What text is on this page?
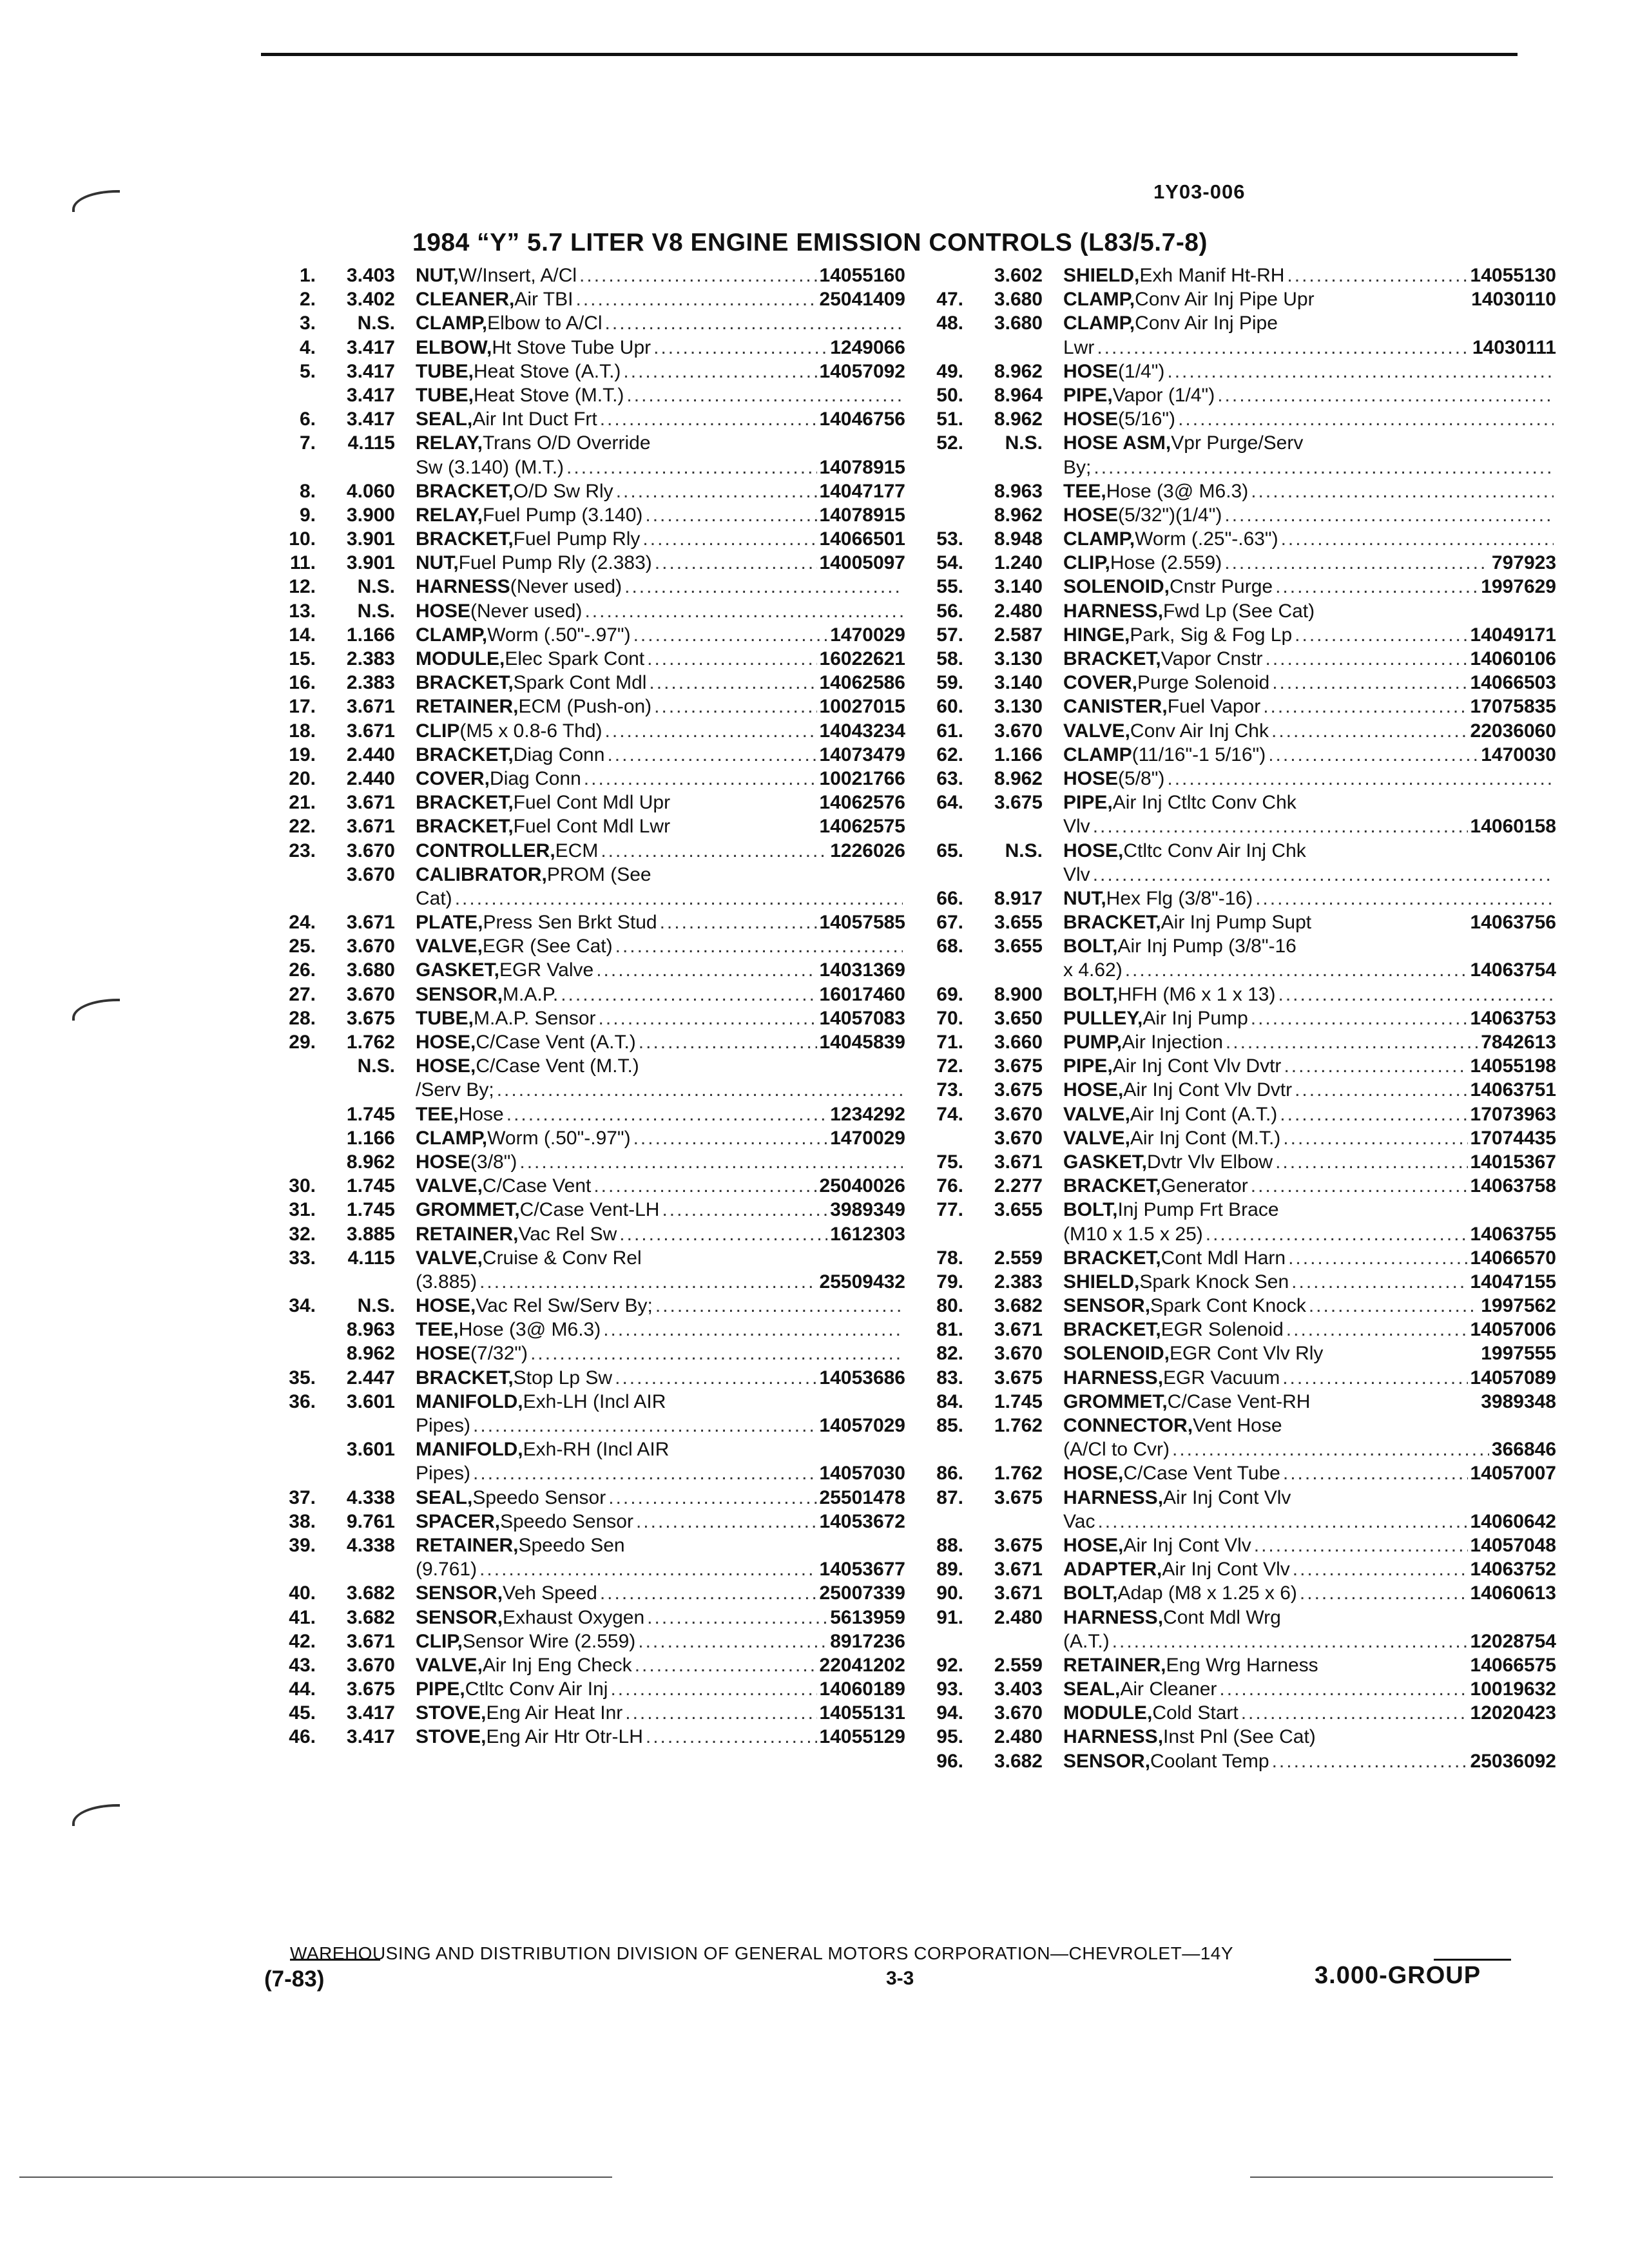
1Y03-006
1984 “Y” 5.7 LITER V8 ENGINE EMISSION CONTROLS (L83/5.7-8)
1.	3.403 NUT, W/Insert, A/Cl .....	14055160
2.	3.402 CLEANER, Air TBI .....	25041409
3.	N.S. CLAMP, Elbow to A/Cl
.....
4.	3.417 ELBOW, Ht Stove Tube Upr .....	1249066
5.	3.417 TUBE, Heat Stove (A.T.) .....	14057092
3.417 TUBE, Heat Stove (M.T.)
.....
6.	3.417 SEAL, Air Int Duct Frt .....	14046756
7.	4.115 RELAY, Trans O/D Override
Sw (3.140) (M.T.) .....	14078915
8.	4.060 BRACKET, O/D Sw Rly .....	14047177
9.	3.900 RELAY, Fuel Pump (3.140) .....	14078915
10.	3.901 BRACKET, Fuel Pump Rly .....	14066501
11.	3.901 NUT, Fuel Pump Rly (2.383) .....	14005097
12.	N.S. HARNESS (Never used)
.....
13.	N.S. HOSE (Never used)
.....
14.	1.166 CLAMP, Worm (.50"-.97") .....	1470029
15.	2.383 MODULE, Elec Spark Cont .....	16022621
16.	2.383 BRACKET, Spark Cont Mdl .....	14062586
17.	3.671 RETAINER, ECM (Push-on) .....	10027015
18.	3.671 CLIP (M5 x 0.8-6 Thd) .....	14043234
19.	2.440 BRACKET, Diag Conn .....	14073479
20.	2.440 COVER, Diag Conn .....	10021766
21.	3.671 BRACKET, Fuel Cont Mdl Upr	14062576
22.	3.671 BRACKET, Fuel Cont Mdl Lwr	14062575
23.	3.670 CONTROLLER, ECM .....	1226026
3.670 CALIBRATOR, PROM (See
Cat)
.....
24.	3.671 PLATE, Press Sen Brkt Stud .....	14057585
25.	3.670 VALVE, EGR (See Cat)
.....
26.	3.680 GASKET, EGR Valve .....	14031369
27.	3.670 SENSOR, M.A.P. .....	16017460
28.	3.675 TUBE, M.A.P. Sensor .....	14057083
29.	1.762 HOSE, C/Case Vent (A.T.) .....	14045839
N.S. HOSE, C/Case Vent (M.T.)
/Serv By;
.....
1.745 TEE, Hose .....	1234292
1.166 CLAMP, Worm (.50"-.97") .....	1470029
8.962 HOSE (3/8")
.....
30.	1.745 VALVE, C/Case Vent .....	25040026
31.	1.745 GROMMET, C/Case Vent-LH .....	3989349
32.	3.885 RETAINER, Vac Rel Sw .....	1612303
33.	4.115 VALVE, Cruise & Conv Rel
(3.885) .....	25509432
34.	N.S. HOSE, Vac Rel Sw/Serv By;
.....
8.963 TEE, Hose (3@ M6.3)
.....
8.962 HOSE (7/32")
.....
35.	2.447 BRACKET, Stop Lp Sw .....	14053686
36.	3.601 MANIFOLD, Exh-LH (Incl AIR
Pipes) .....	14057029
3.601 MANIFOLD, Exh-RH (Incl AIR
Pipes) .....	14057030
37.	4.338 SEAL, Speedo Sensor .....	25501478
38.	9.761 SPACER, Speedo Sensor .....	14053672
39.	4.338 RETAINER, Speedo Sen
(9.761) .....	14053677
40.	3.682 SENSOR, Veh Speed .....	25007339
41.	3.682 SENSOR, Exhaust Oxygen .....	5613959
42.	3.671 CLIP, Sensor Wire (2.559) .....	8917236
43.	3.670 VALVE, Air Inj Eng Check .....	22041202
44.	3.675 PIPE, Ctltc Conv Air Inj .....	14060189
45.	3.417 STOVE, Eng Air Heat Inr .....	14055131
46.	3.417 STOVE, Eng Air Htr Otr-LH .....	14055129
3.602 SHIELD, Exh Manif Ht-RH .....	14055130
47.	3.680 CLAMP, Conv Air Inj Pipe Upr	14030110
48.	3.680 CLAMP, Conv Air Inj Pipe
Lwr .....	14030111
49.	8.962 HOSE (1/4")
.....
50.	8.964 PIPE, Vapor (1/4")
.....
51.	8.962 HOSE (5/16")
.....
52.	N.S. HOSE ASM, Vpr Purge/Serv
By;
.....
8.963 TEE, Hose (3@ M6.3)
.....
8.962 HOSE (5/32")(1/4")
.....
53.	8.948 CLAMP, Worm (.25"-.63")
.....
54.	1.240 CLIP, Hose (2.559) .....	797923
55.	3.140 SOLENOID, Cnstr Purge .....	1997629
56.	2.480 HARNESS, Fwd Lp (See Cat)
57.	2.587 HINGE, Park, Sig & Fog Lp .....	14049171
58.	3.130 BRACKET, Vapor Cnstr .....	14060106
59.	3.140 COVER, Purge Solenoid .....	14066503
60.	3.130 CANISTER, Fuel Vapor .....	17075835
61.	3.670 VALVE, Conv Air Inj Chk .....	22036060
62.	1.166 CLAMP (11/16"-1 5/16") .....	1470030
63.	8.962 HOSE (5/8")
.....
64.	3.675 PIPE, Air Inj Ctltc Conv Chk
Vlv .....	14060158
65.	N.S. HOSE, Ctltc Conv Air Inj Chk
Vlv
.....
66.	8.917 NUT, Hex Flg (3/8"-16)
.....
67.	3.655 BRACKET, Air Inj Pump Supt	14063756
68.	3.655 BOLT, Air Inj Pump (3/8"-16
x 4.62) .....	14063754
69.	8.900 BOLT, HFH (M6 x 1 x 13)
.....
70.	3.650 PULLEY, Air Inj Pump .....	14063753
71.	3.660 PUMP, Air Injection .....	7842613
72.	3.675 PIPE, Air Inj Cont Vlv Dvtr .....	14055198
73.	3.675 HOSE, Air Inj Cont Vlv Dvtr .....	14063751
74.	3.670 VALVE, Air Inj Cont (A.T.) .....	17073963
3.670 VALVE, Air Inj Cont (M.T.) .....	17074435
75.	3.671 GASKET, Dvtr Vlv Elbow .....	14015367
76.	2.277 BRACKET, Generator .....	14063758
77.	3.655 BOLT, Inj Pump Frt Brace
(M10 x 1.5 x 25) .....	14063755
78.	2.559 BRACKET, Cont Mdl Harn .....	14066570
79.	2.383 SHIELD, Spark Knock Sen .....	14047155
80.	3.682 SENSOR, Spark Cont Knock .....	1997562
81.	3.671 BRACKET, EGR Solenoid .....	14057006
82.	3.670 SOLENOID, EGR Cont Vlv Rly	1997555
83.	3.675 HARNESS, EGR Vacuum .....	14057089
84.	1.745 GROMMET, C/Case Vent-RH	3989348
85.	1.762 CONNECTOR, Vent Hose
(A/Cl to Cvr) .....	366846
86.	1.762 HOSE, C/Case Vent Tube .....	14057007
87.	3.675 HARNESS, Air Inj Cont Vlv
Vac .....	14060642
88.	3.675 HOSE, Air Inj Cont Vlv .....	14057048
89.	3.671 ADAPTER, Air Inj Cont Vlv .....	14063752
90.	3.671 BOLT, Adap (M8 x 1.25 x 6) .....	14060613
91.	2.480 HARNESS, Cont Mdl Wrg
(A.T.) .....	12028754
92.	2.559 RETAINER, Eng Wrg Harness	14066575
93.	3.403 SEAL, Air Cleaner .....	10019632
94.	3.670 MODULE, Cold Start .....	12020423
95.	2.480 HARNESS, Inst Pnl (See Cat)
96.	3.682 SENSOR, Coolant Temp .....	25036092
WAREHOUSING AND DISTRIBUTION DIVISION OF GENERAL MOTORS CORPORATION—CHEVROLET—14Y
(7-83)	3-3	3.000-GROUP
